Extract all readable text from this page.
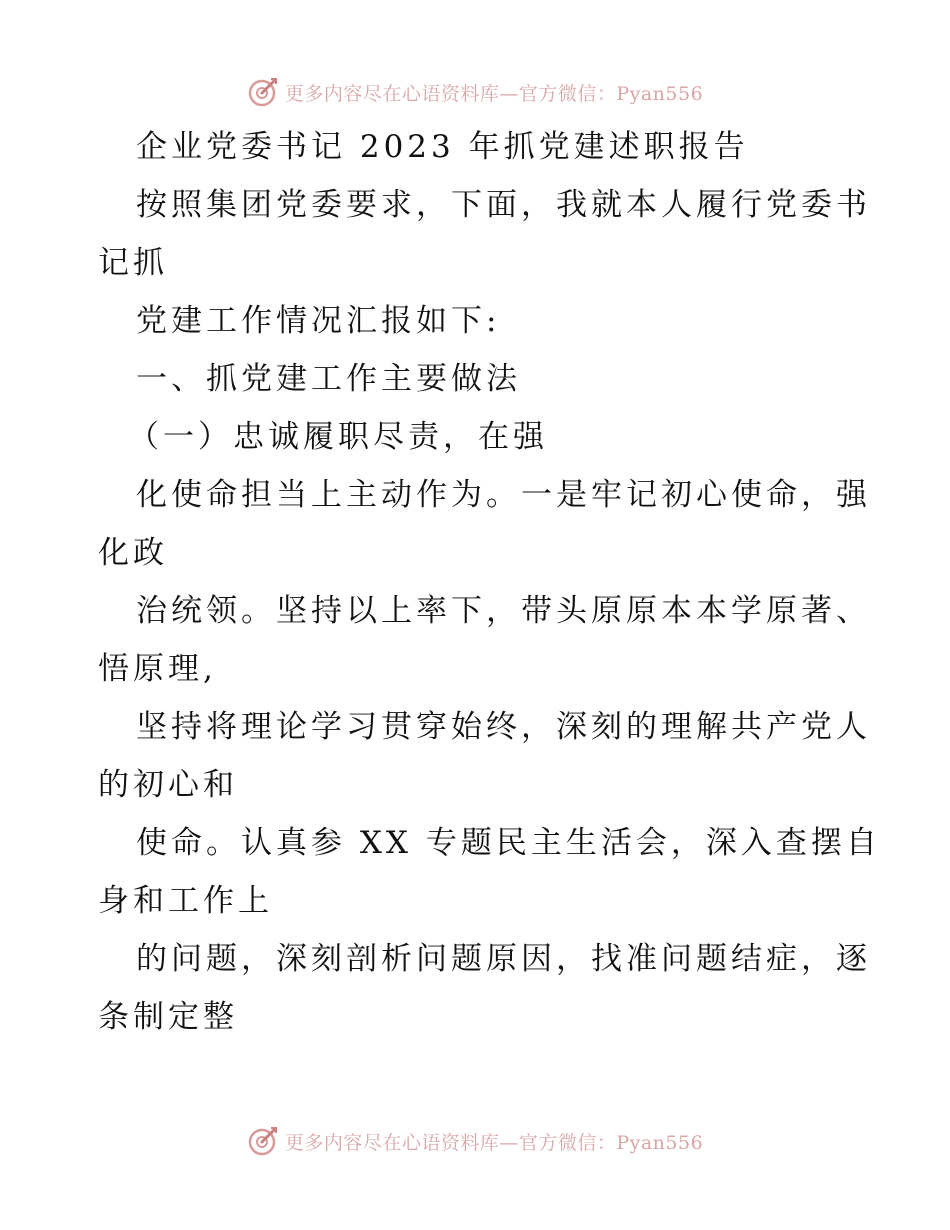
更多内容尽在心语资料库—官方微信：Pyan556
企业党委书记 2023 年抓党建述职报告
按照集团党委要求，下面，我就本人履行党委书
记抓
党建工作情况汇报如下:
一、抓党建工作主要做法
（一）忠诚履职尽责，在强
化使命担当上主动作为。一是牢记初心使命，强
化政
治统领。坚持以上率下，带头原原本本学原著、
悟原理,
坚持将理论学习贯穿始终，深刻的理解共产党人
的初心和
使命。认真参 XX 专题民主生活会，深入查摆自
身和工作上
的问题，深刻剖析问题原因，找准问题结症，逐
条制定整
更多内容尽在心语资料库—官方微信：Pyan556
